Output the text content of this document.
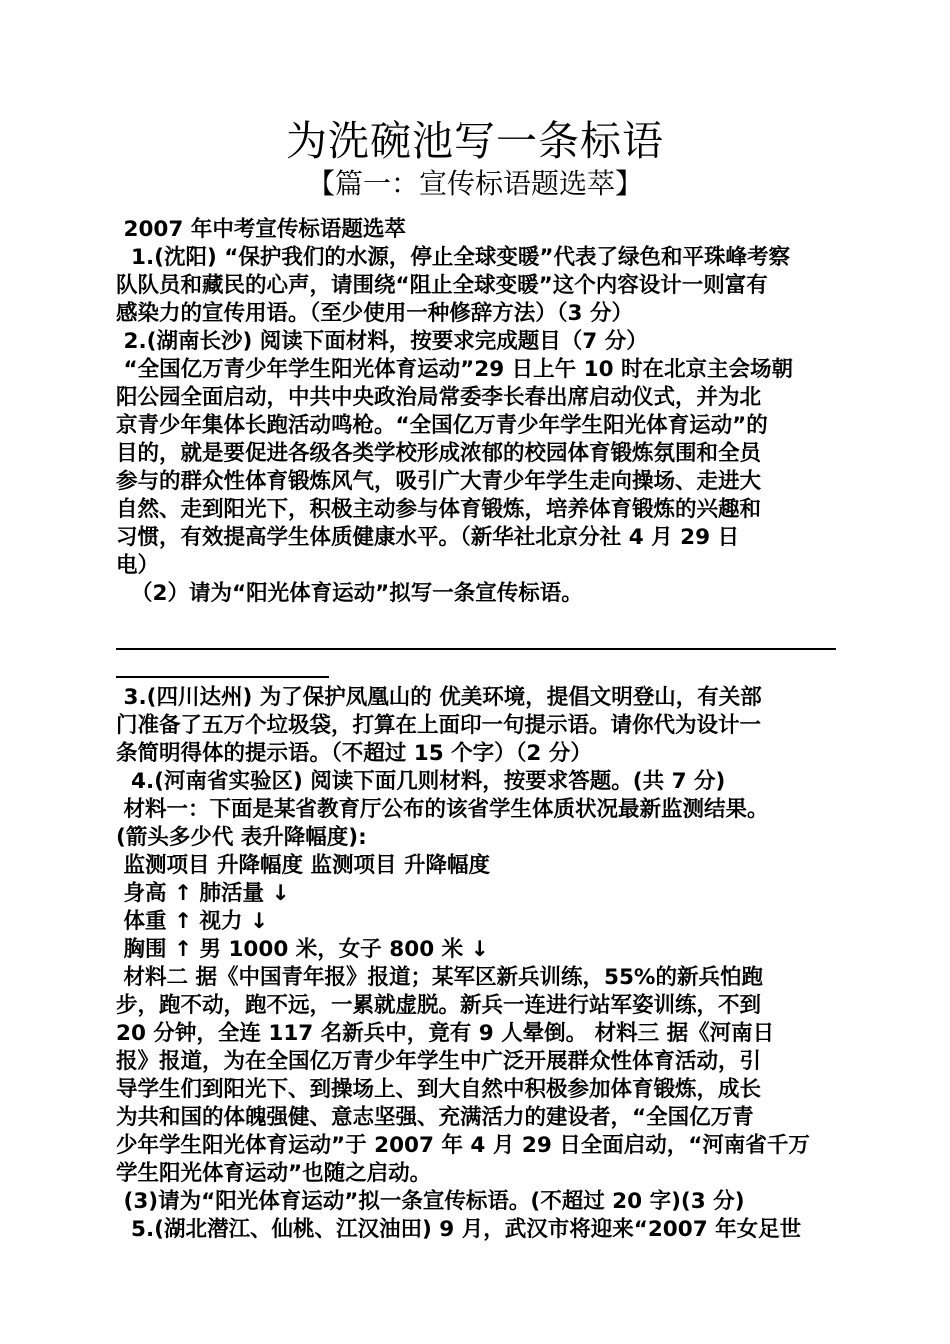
为洗碗池写一条标语
【篇一：宣传标语题选萃】

2007 年中考宣传标语题选萃

1.(沈阳) “保护我们的水源，停止全球变暖”代表了绿色和平珠峰考察

队队员和藏民的心声，请围绕“阻止全球变暖”这个内容设计一则富有

感染力的宣传用语。（至少使用一种修辞方法）（3 分）

2.(湖南长沙) 阅读下面材料，按要求完成题目（7 分）

“全国亿万青少年学生阳光体育运动”29 日上午 10 时在北京主会场朝

阳公园全面启动，中共中央政治局常委李长春出席启动仪式，并为北

京青少年集体长跑活动鸣枪。“全国亿万青少年学生阳光体育运动”的

目的，就是要促进各级各类学校形成浓郁的校园体育锻炼氛围和全员

参与的群众性体育锻炼风气，吸引广大青少年学生走向操场、走进大

自然、走到阳光下，积极主动参与体育锻炼，培养体育锻炼的兴趣和

习惯，有效提高学生体质健康水平。（新华社北京分社 4 月 29 日

电）

（2）请为“阳光体育运动”拟写一条宣传标语。

3.(四川达州) 为了保护凤凰山的 优美环境，提倡文明登山，有关部

门准备了五万个垃圾袋，打算在上面印一句提示语。请你代为设计一

条简明得体的提示语。（不超过 15 个字）（2 分）

4.(河南省实验区) 阅读下面几则材料，按要求答题。(共 7 分)

材料一：下面是某省教育厅公布的该省学生体质状况最新监测结果。

(箭头多少代 表升降幅度):

监测项目 升降幅度 监测项目 升降幅度

身高 ↑ 肺活量 ↓

体重 ↑ 视力 ↓

胸围 ↑ 男 1000 米，女子 800 米 ↓

材料二 据《中国青年报》报道；某军区新兵训练，55%的新兵怕跑

步，跑不动，跑不远，一累就虚脱。新兵一连进行站军姿训练，不到

20 分钟，全连 117 名新兵中，竟有 9 人晕倒。 材料三 据《河南日

报》报道，为在全国亿万青少年学生中广泛开展群众性体育活动，引

导学生们到阳光下、到操场上、到大自然中积极参加体育锻炼，成长

为共和国的体魄强健、意志坚强、充满活力的建设者，“全国亿万青

少年学生阳光体育运动”于 2007 年 4 月 29 日全面启动，“河南省千万

学生阳光体育运动”也随之启动。

(3)请为“阳光体育运动”拟一条宣传标语。(不超过 20 字)(3 分)

5.(湖北潜江、仙桃、江汉油田) 9 月，武汉市将迎来“2007 年女足世
